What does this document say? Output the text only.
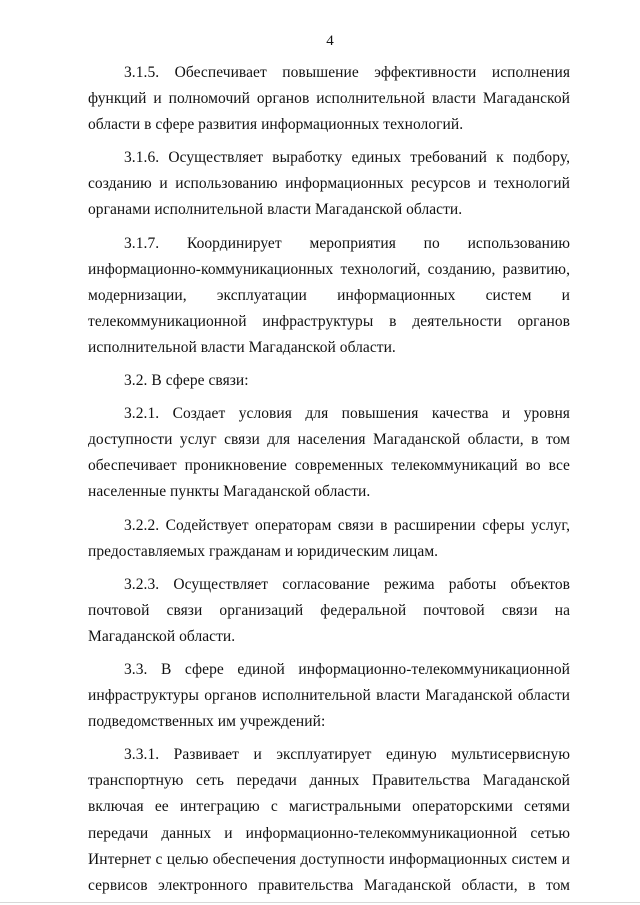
4
3.1.5. Обеспечивает повышение эффективности исполнения
функций и полномочий органов исполнительной власти Магаданской
области в сфере развития информационных технологий.
3.1.6. Осуществляет выработку единых требований к подбору,
созданию и использованию информационных ресурсов и технологий
органами исполнительной власти Магаданской области.
3.1.7. Координирует мероприятия по использованию
информационно-коммуникационных технологий, созданию, развитию,
модернизации, эксплуатации информационных систем и
телекоммуникационной инфраструктуры в деятельности органов
исполнительной власти Магаданской области.
3.2. В сфере связи:
3.2.1. Создает условия для повышения качества и уровня
доступности услуг связи для населения Магаданской области, в том
обеспечивает проникновение современных телекоммуникаций во все
населенные пункты Магаданской области.
3.2.2. Содействует операторам связи в расширении сферы услуг,
предоставляемых гражданам и юридическим лицам.
3.2.3. Осуществляет согласование режима работы объектов
почтовой связи организаций федеральной почтовой связи на
Магаданской области.
3.3. В сфере единой информационно-телекоммуникационной
инфраструктуры органов исполнительной власти Магаданской области
подведомственных им учреждений:
3.3.1. Развивает и эксплуатирует единую мультисервисную
транспортную сеть передачи данных Правительства Магаданской
включая ее интеграцию с магистральными операторскими сетями
передачи данных и информационно-телекоммуникационной сетью
Интернет с целью обеспечения доступности информационных систем и
сервисов электронного правительства Магаданской области, в том
